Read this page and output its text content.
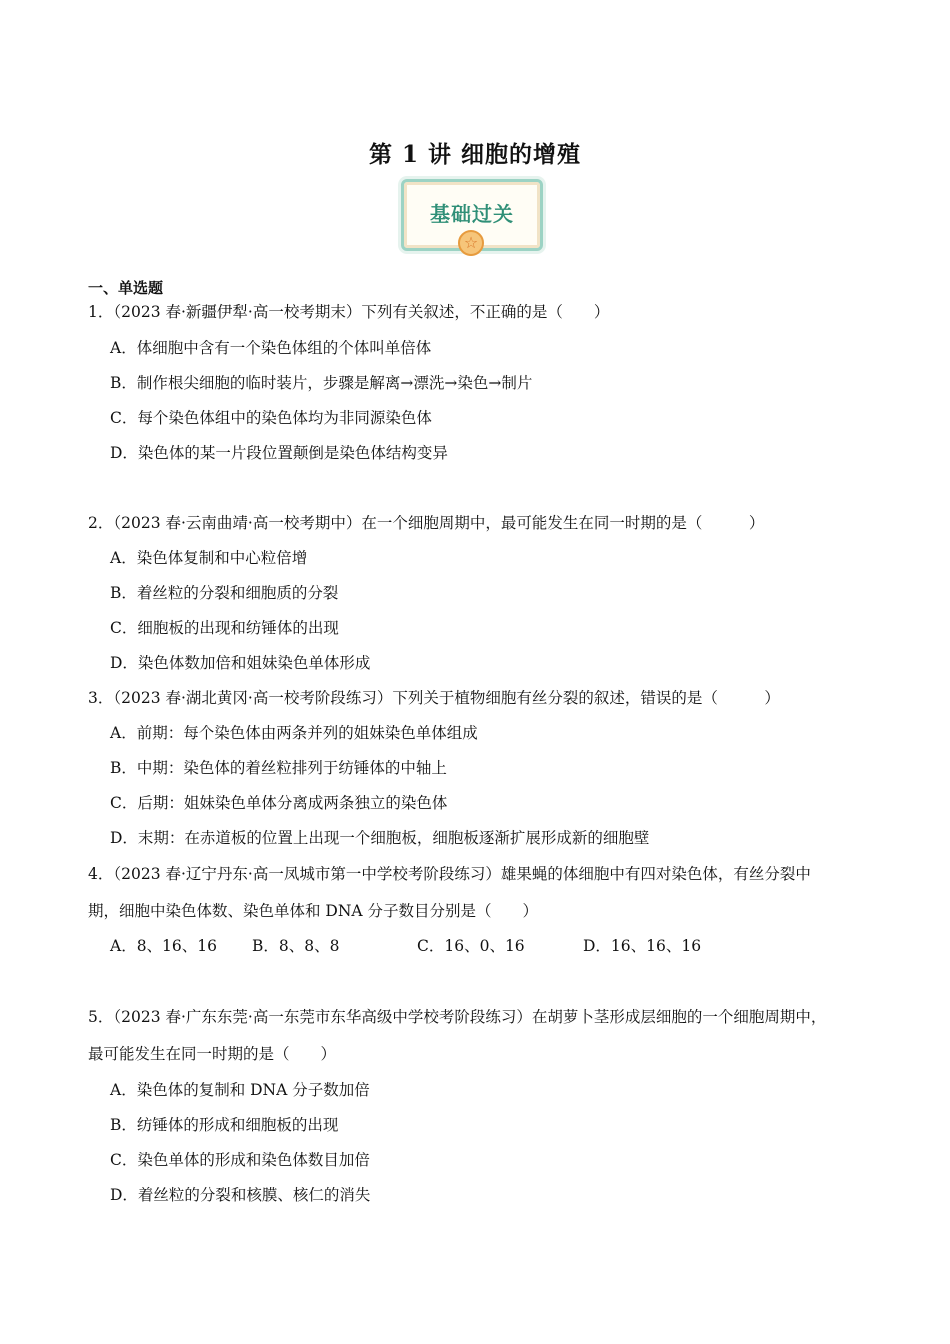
第 1 讲 细胞的增殖
基础过关
☆
一、单选题
1．（2023 春·新疆伊犁·高一校考期末）下列有关叙述，不正确的是（　　）
A．体细胞中含有一个染色体组的个体叫单倍体
B．制作根尖细胞的临时装片，步骤是解离→漂洗→染色→制片
C．每个染色体组中的染色体均为非同源染色体
D．染色体的某一片段位置颠倒是染色体结构变异
2．（2023 春·云南曲靖·高一校考期中）在一个细胞周期中，最可能发生在同一时期的是（　　　）
A．染色体复制和中心粒倍增
B．着丝粒的分裂和细胞质的分裂
C．细胞板的出现和纺锤体的出现
D．染色体数加倍和姐妹染色单体形成
3．（2023 春·湖北黄冈·高一校考阶段练习）下列关于植物细胞有丝分裂的叙述，错误的是（　　　）
A．前期：每个染色体由两条并列的姐妹染色单体组成
B．中期：染色体的着丝粒排列于纺锤体的中轴上
C．后期：姐妹染色单体分离成两条独立的染色体
D．末期：在赤道板的位置上出现一个细胞板，细胞板逐渐扩展形成新的细胞壁
4．（2023 春·辽宁丹东·高一凤城市第一中学校考阶段练习）雄果蝇的体细胞中有四对染色体，有丝分裂中
期，细胞中染色体数、染色单体和 DNA 分子数目分别是（　　）
A．8、16、16 B．8、8、8	C．16、0、16	D．16、16、16
5．（2023 春·广东东莞·高一东莞市东华高级中学校考阶段练习）在胡萝卜茎形成层细胞的一个细胞周期中，
最可能发生在同一时期的是（　　）
A．染色体的复制和 DNA 分子数加倍
B．纺锤体的形成和细胞板的出现
C．染色单体的形成和染色体数目加倍
D．着丝粒的分裂和核膜、核仁的消失
